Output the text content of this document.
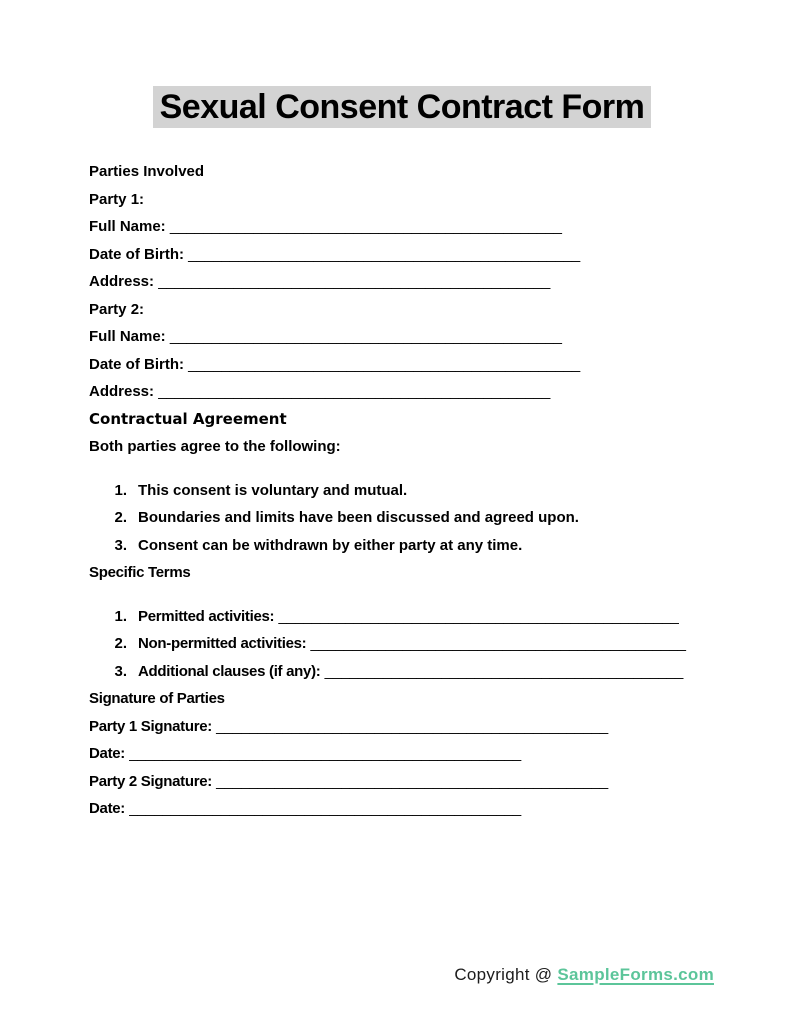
Sexual Consent Contract Form

Parties Involved

Party 1:

Full Name: _______________________________________________

Date of Birth: _______________________________________________

Address: _______________________________________________

Party 2:

Full Name: _______________________________________________

Date of Birth: _______________________________________________

Address: _______________________________________________

Contractual Agreement

Both parties agree to the following:

1. This consent is voluntary and mutual.
2. Boundaries and limits have been discussed and agreed upon.
3. Consent can be withdrawn by either party at any time.

Specific Terms

1. Permitted activities: ________________________________________________
2. Non-permitted activities: _____________________________________________
3. Additional clauses (if any): ___________________________________________

Signature of Parties

Party 1 Signature: _______________________________________________

Date: _______________________________________________

Party 2 Signature: _______________________________________________

Date: _______________________________________________

Copyright @ SampleForms.com
